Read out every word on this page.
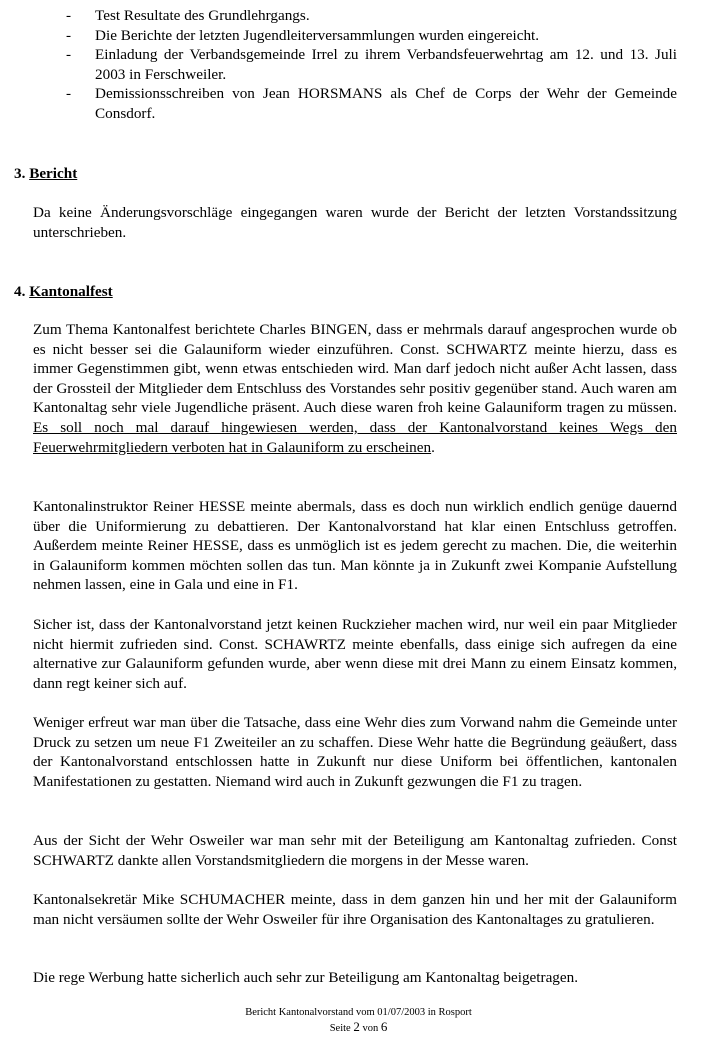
- Test Resultate des Grundlehrgangs.
- Die Berichte der letzten Jugendleiterversammlungen wurden eingereicht.
- Einladung der Verbandsgemeinde Irrel zu ihrem Verbandsfeuerwehrtag am 12. und 13. Juli 2003 in Ferschweiler.
- Demissionsschreiben von Jean HORSMANS als Chef de Corps der Wehr der Gemeinde Consdorf.
3. Bericht

Da keine Änderungsvorschläge eingegangen waren wurde der Bericht der letzten Vorstandssitzung unterschrieben.

4. Kantonalfest

Zum Thema Kantonalfest berichtete Charles BINGEN, dass er mehrmals darauf angesprochen wurde ob es nicht besser sei die Galauniform wieder einzuführen. Const. SCHWARTZ meinte hierzu, dass es immer Gegenstimmen gibt, wenn etwas entschieden wird. Man darf jedoch nicht außer Acht lassen, dass der Grossteil der Mitglieder dem Entschluss des Vorstandes sehr positiv gegenüber stand. Auch waren am Kantonaltag sehr viele Jugendliche präsent. Auch diese waren froh keine Galauniform tragen zu müssen. Es soll noch mal darauf hingewiesen werden, dass der Kantonalvorstand keines Wegs den Feuerwehrmitgliedern verboten hat in Galauniform zu erscheinen.

Kantonalinstruktor Reiner HESSE meinte abermals, dass es doch nun wirklich endlich genüge dauernd über die Uniformierung zu debattieren. Der Kantonalvorstand hat klar einen Entschluss getroffen. Außerdem meinte Reiner HESSE, dass es unmöglich ist es jedem gerecht zu machen. Die, die weiterhin in Galauniform kommen möchten sollen das tun. Man könnte ja in Zukunft zwei Kompanie Aufstellung nehmen lassen, eine in Gala und eine in F1.

Sicher ist, dass der Kantonalvorstand jetzt keinen Ruckzieher machen wird, nur weil ein paar Mitglieder nicht hiermit zufrieden sind. Const. SCHAWRTZ meinte ebenfalls, dass einige sich aufregen da eine alternative zur Galauniform gefunden wurde, aber wenn diese mit drei Mann zu einem Einsatz kommen, dann regt keiner sich auf.

Weniger erfreut war man über die Tatsache, dass eine Wehr dies zum Vorwand nahm die Gemeinde unter Druck zu setzen um neue F1 Zweiteiler an zu schaffen. Diese Wehr hatte die Begründung geäußert, dass der Kantonalvorstand entschlossen hatte in Zukunft nur diese Uniform bei öffentlichen, kantonalen Manifestationen zu gestatten. Niemand wird auch in Zukunft gezwungen die F1 zu tragen.

Aus der Sicht der Wehr Osweiler war man sehr mit der Beteiligung am Kantonaltag zufrieden. Const SCHWARTZ dankte allen Vorstandsmitgliedern die morgens in der Messe waren.

Kantonalsekretär Mike SCHUMACHER meinte, dass in dem ganzen hin und her mit der Galauniform man nicht versäumen sollte der Wehr Osweiler für ihre Organisation des Kantonaltages zu gratulieren.

Die rege Werbung hatte sicherlich auch sehr zur Beteiligung am Kantonaltag beigetragen.

Bericht Kantonalvorstand vom 01/07/2003 in Rosport
Seite 2 von 6
